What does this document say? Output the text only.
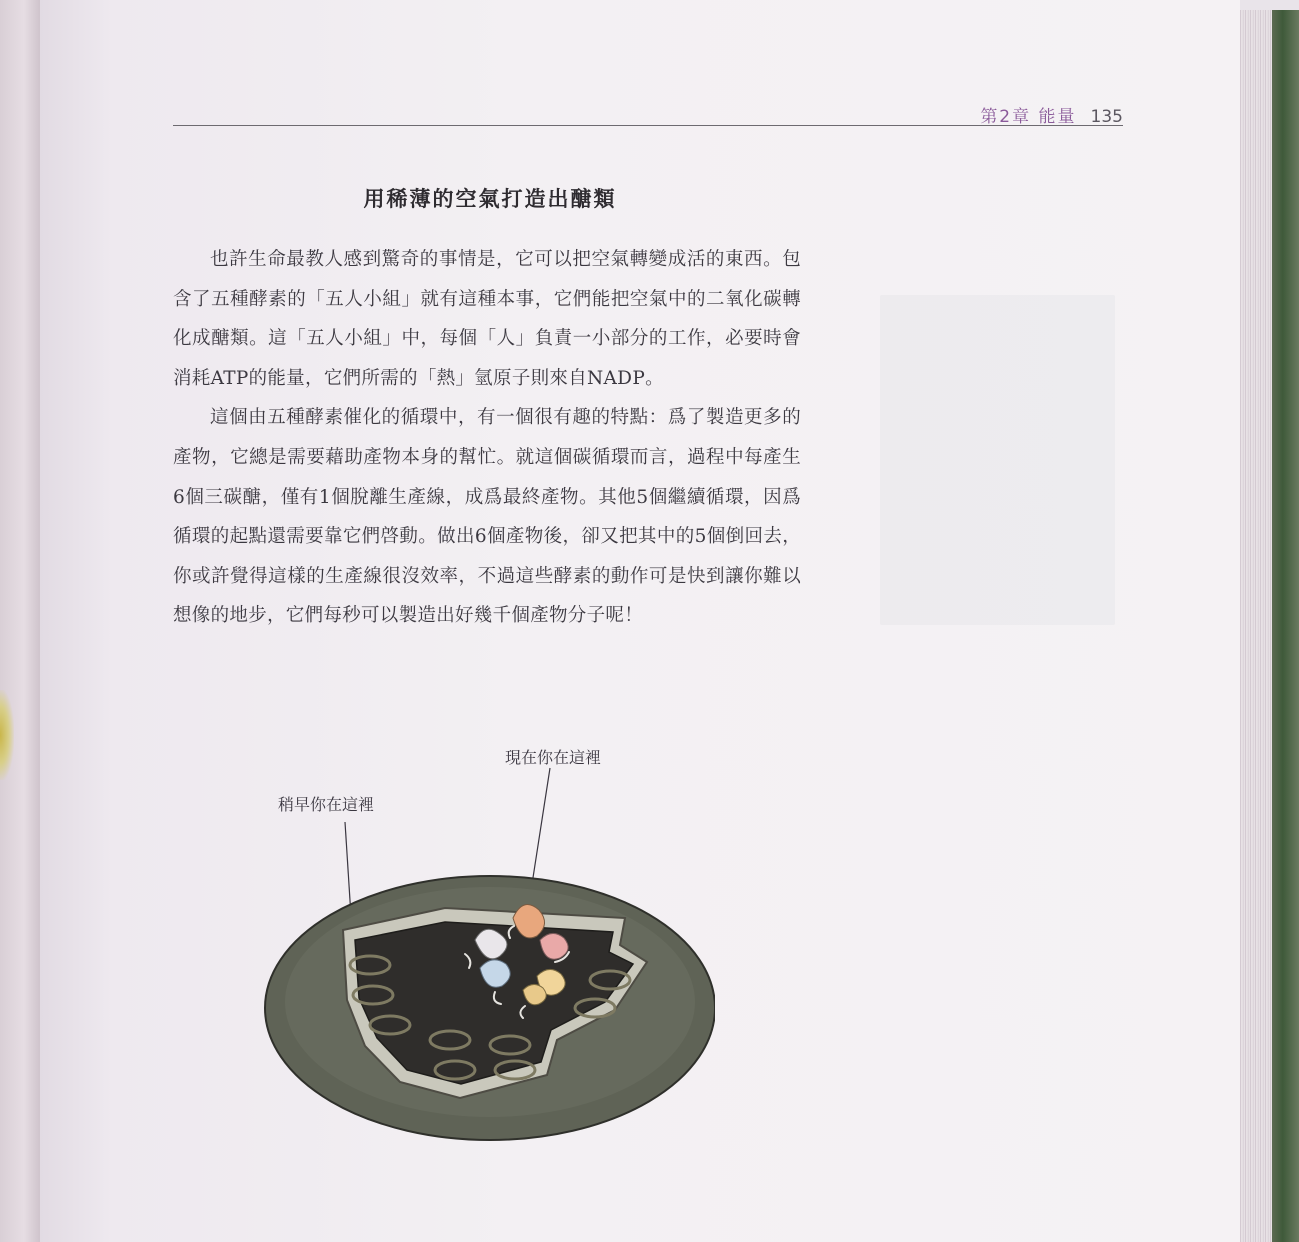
第2章 能量 135
用稀薄的空氣打造出醣類

也許生命最教人感到驚奇的事情是，它可以把空氣轉變成活的東西。包含了五種酵素的「五人小組」就有這種本事，它們能把空氣中的二氧化碳轉化成醣類。這「五人小組」中，每個「人」負責一小部分的工作，必要時會消耗ATP的能量，它們所需的「熱」氫原子則來自NADP。

這個由五種酵素催化的循環中，有一個很有趣的特點：爲了製造更多的產物，它總是需要藉助產物本身的幫忙。就這個碳循環而言，過程中每產生6個三碳醣，僅有1個脫離生產線，成爲最終產物。其他5個繼續循環，因爲循環的起點還需要靠它們啓動。做出6個產物後，卻又把其中的5個倒回去，你或許覺得這樣的生產線很沒效率，不過這些酵素的動作可是快到讓你難以想像的地步，它們每秒可以製造出好幾千個產物分子呢！

現在你在這裡
稍早你在這裡
